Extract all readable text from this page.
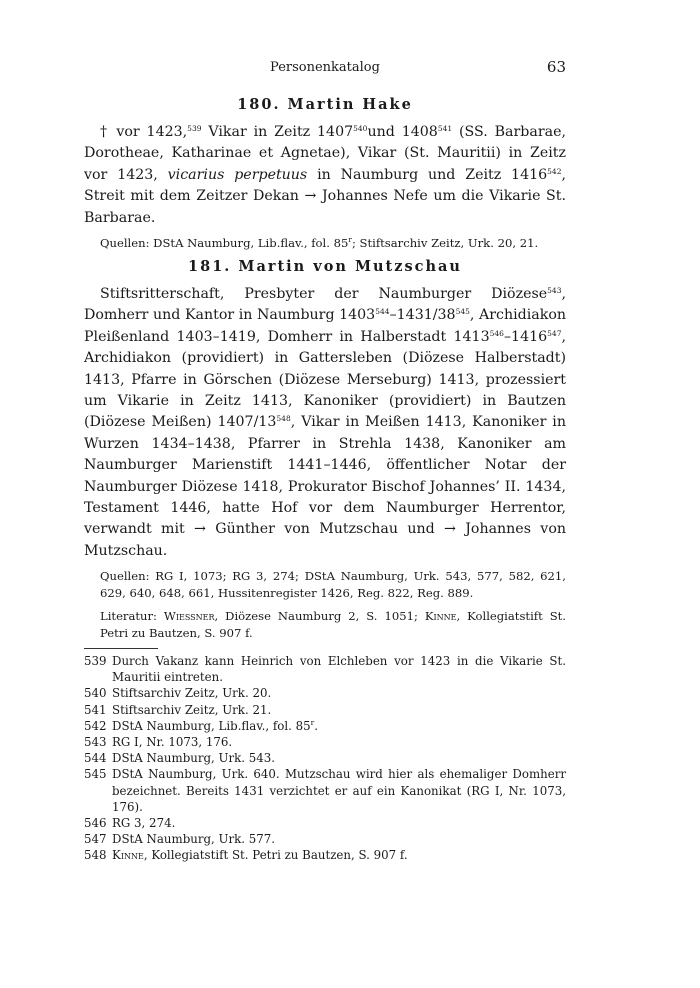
Personenkatalog	63
180. Martin Hake

† vor 1423,$^{539}$ Vikar in Zeitz 1407$^{540}$und 1408$^{541}$ (SS. Barbarae, Dorotheae, Katharinae et Agnetae), Vikar (St. Mauritii) in Zeitz vor 1423, vicarius perpetuus in Naumburg und Zeitz 1416$^{542}$, Streit mit dem Zeitzer Dekan → Johannes Nefe um die Vikarie St. Barbarae.

Quellen: DStA Naumburg, Lib.flav., fol. 85$^r$; Stiftsarchiv Zeitz, Urk. 20, 21.

181. Martin von Mutzschau

Stiftsritterschaft, Presbyter der Naumburger Diözese$^{543}$, Domherr und Kantor in Naumburg $1403^{544}-1431/38^{545}$, Archidiakon Pleißenland 1403–1419, Domherr in Halberstadt 1413$^{546}$–1416$^{547}$, Archidiakon (providiert) in Gattersleben (Diözese Halberstadt) 1413, Pfarre in Görschen (Diözese Merseburg) 1413, prozessiert um Vikarie in Zeitz 1413, Kanoniker (providiert) in Bautzen (Diözese Meißen) $1407/13^{548}$, Vikar in Meißen 1413, Kanoniker in Wurzen 1434–1438, Pfarrer in Strehla 1438, Kanoniker am Naumburger Marienstift 1441–1446, öffentlicher Notar der Naumburger Diözese 1418, Prokurator Bischof Johannes’ II. 1434, Testament 1446, hatte Hof vor dem Naumburger Herrentor, verwandt mit → Günther von Mutzschau und → Johannes von Mutzschau.

Quellen: RG I, 1073; RG 3, 274; DStA Naumburg, Urk. 543, 577, 582, 621, 629, 640, 648, 661, Hussitenregister 1426, Reg. 822, Reg. 889.

Literatur: Wiessner, Diözese Naumburg 2, S. 1051; Kinne, Kollegiatstift St. Petri zu Bautzen, S. 907 f.

539 Durch Vakanz kann Heinrich von Elchleben vor 1423 in die Vikarie St. Mauritii eintreten.
540 Stiftsarchiv Zeitz, Urk. 20.
541 Stiftsarchiv Zeitz, Urk. 21.
542 DStA Naumburg, Lib.flav., fol. 85$^r$.
543 RG I, Nr. 1073, 176.
544 DStA Naumburg, Urk. 543.
545 DStA Naumburg, Urk. 640. Mutzschau wird hier als ehemaliger Domherr bezeichnet. Bereits 1431 verzichtet er auf ein Kanonikat (RG I, Nr. 1073, 176).
546 RG 3, 274.
547 DStA Naumburg, Urk. 577.
548 Kinne, Kollegiatstift St. Petri zu Bautzen, S. 907 f.
